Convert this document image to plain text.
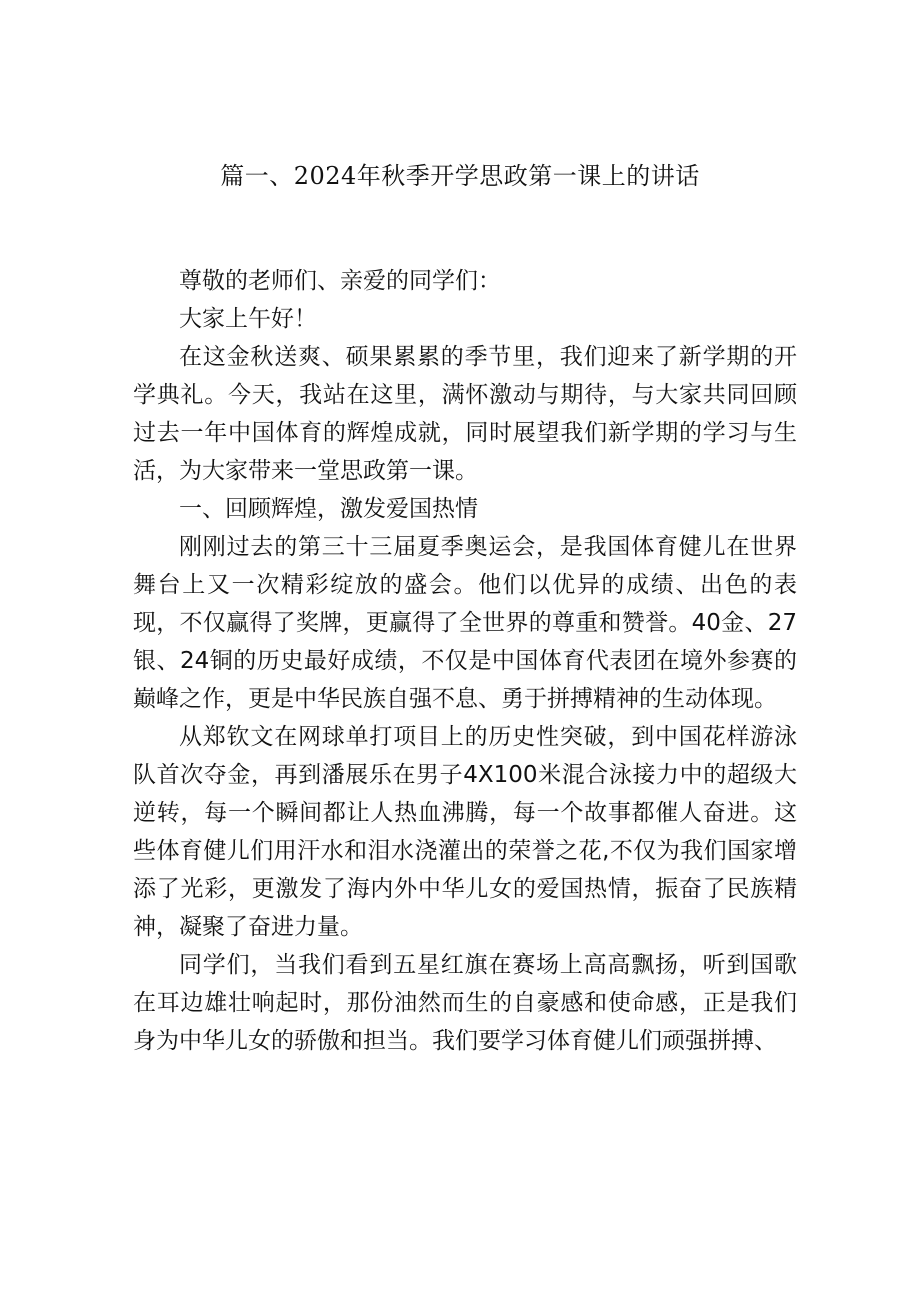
篇一、2024年秋季开学思政第一课上的讲话

尊敬的老师们、亲爱的同学们：

大家上午好！

在这金秋送爽、硕果累累的季节里，我们迎来了新学期的开学典礼。今天，我站在这里，满怀激动与期待，与大家共同回顾过去一年中国体育的辉煌成就，同时展望我们新学期的学习与生活，为大家带来一堂思政第一课。

一、回顾辉煌，激发爱国热情

刚刚过去的第三十三届夏季奥运会，是我国体育健儿在世界舞台上又一次精彩绽放的盛会。他们以优异的成绩、出色的表现，不仅赢得了奖牌，更赢得了全世界的尊重和赞誉。40金、27银、24铜的历史最好成绩，不仅是中国体育代表团在境外参赛的巅峰之作，更是中华民族自强不息、勇于拼搏精神的生动体现。

从郑钦文在网球单打项目上的历史性突破，到中国花样游泳队首次夺金，再到潘展乐在男子4X100米混合泳接力中的超级大逆转，每一个瞬间都让人热血沸腾，每一个故事都催人奋进。这些体育健儿们用汗水和泪水浇灌出的荣誉之花,不仅为我们国家增添了光彩，更激发了海内外中华儿女的爱国热情，振奋了民族精神，凝聚了奋进力量。

同学们，当我们看到五星红旗在赛场上高高飘扬，听到国歌在耳边雄壮响起时，那份油然而生的自豪感和使命感，正是我们身为中华儿女的骄傲和担当。我们要学习体育健儿们顽强拼搏、
